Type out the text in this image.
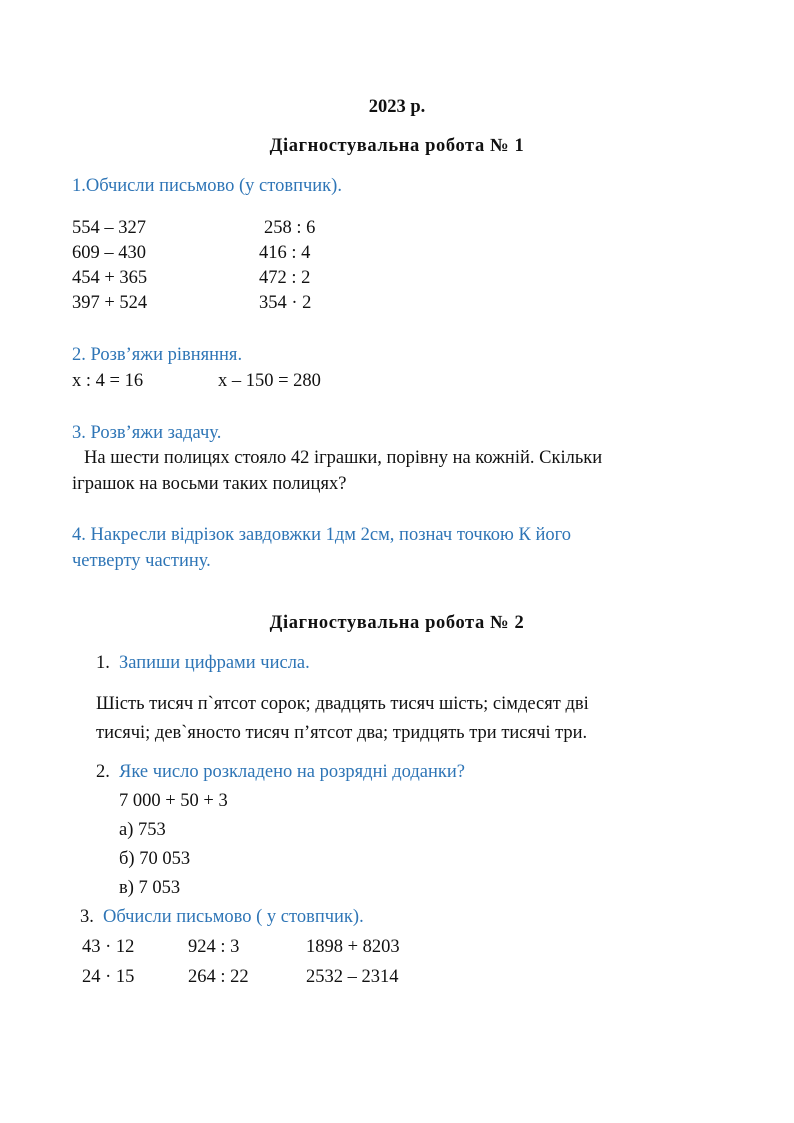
2023 р.
Діагностувальна робота № 1
1.Обчисли письмово (у стовпчик).
554 – 327
609 – 430
454 + 365
397 + 524
258 : 6
416 : 4
472 : 2
354 · 2
2. Розв’яжи рівняння.
х : 4 = 16	х – 150 = 280
3. Розв’яжи задачу.
На шести полицях стояло 42 іграшки, порівну на кожній. Скільки
іграшок на восьми таких полицях?
4. Накресли відрізок завдовжки 1дм 2см, познач точкою К його
четверту частину.
Діагностувальна робота № 2
1. Запиши цифрами числа.
Шість тисяч п`ятсот сорок; двадцять тисяч шість; сімдесят дві
тисячі; дев`яносто тисяч п’ятсот два; тридцять три тисячі три.
2. Яке число розкладено на розрядні доданки?
7 000 + 50 + 3
а) 753
б) 70 053
в) 7 053
3. Обчисли письмово ( у стовпчик).
43 · 12
24 · 15
924 : 3
264 : 22
1898 + 8203
2532 – 2314
